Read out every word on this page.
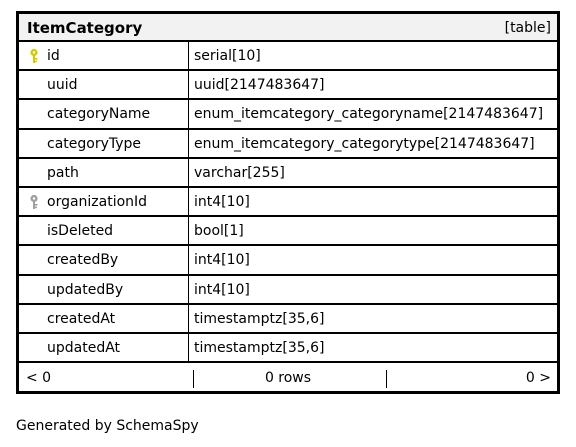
ItemCategory	[table]
id	serial[10]
uuid	uuid[2147483647]
categoryName	enum_itemcategory_categoryname[2147483647]
categoryType	enum_itemcategory_categorytype[2147483647]
path	varchar[255]
organizationId	int4[10]
isDeleted	bool[1]
createdBy	int4[10]
updatedBy	int4[10]
createdAt	timestamptz[35,6]
updatedAt	timestamptz[35,6]
< 0	0 rows	0 >
Generated by SchemaSpy
